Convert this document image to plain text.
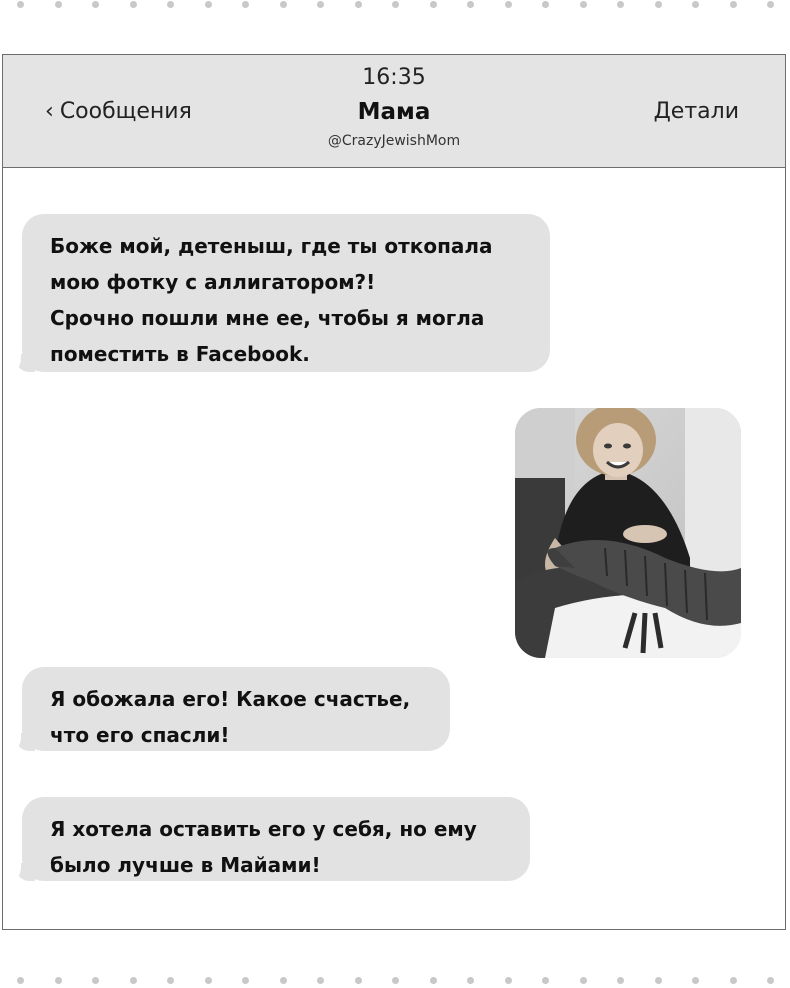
16:35
‹ Сообщения	Мама
@CrazyJewishMom
Детали
Боже мой, детеныш, где ты откопала
мою фотку с аллигатором?!
Срочно пошли мне ее, чтобы я могла
поместить в Facebook.
Я обожала его! Какое счастье,
что его спасли!
Я хотела оставить его у себя, но ему
было лучше в Майами!
